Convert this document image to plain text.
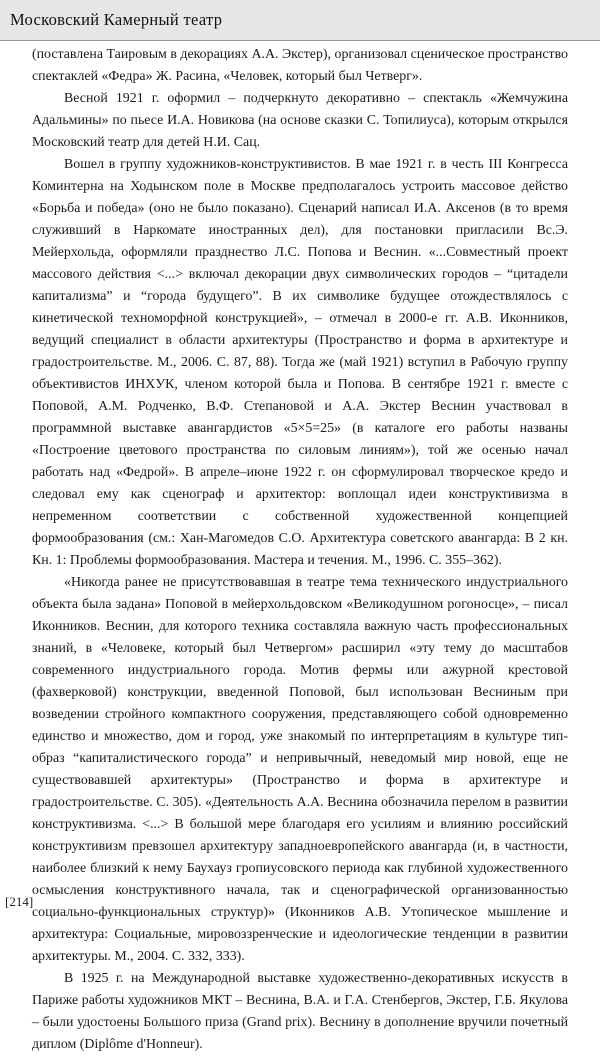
Московский Камерный театр

(поставлена Таировым в декорациях А.А. Экстер), организовал сценическое пространство спектаклей «Федра» Ж. Расина, «Человек, который был Четверг».

Весной 1921 г. оформил – подчеркнуто декоративно – спектакль «Жемчужина Адальмины» по пьесе И.А. Новикова (на основе сказки С. Топилиуса), которым открылся Московский театр для детей Н.И. Сац.

Вошел в группу художников-конструктивистов. В мае 1921 г. в честь III Конгресса Коминтерна на Ходынском поле в Москве предполагалось устроить массовое действо «Борьба и победа» (оно не было показано). Сценарий написал И.А. Аксенов (в то время служивший в Наркомате иностранных дел), для постановки пригласили Вс.Э. Мейерхольда, оформляли празднество Л.С. Попова и Веснин. «...Совместный проект массового действия <...> включал декорации двух символических городов – “цитадели капитализма” и “города будущего”. В их символике будущее отождествлялось с кинетической техноморфной конструкцией», – отмечал в 2000-е гг. А.В. Иконников, ведущий специалист в области архитектуры (Пространство и форма в архитектуре и градостроительстве. М., 2006. С. 87, 88). Тогда же (май 1921) вступил в Рабочую группу объективистов ИНХУК, членом которой была и Попова. В сентябре 1921 г. вместе с Поповой, А.М. Родченко, В.Ф. Степановой и А.А. Экстер Веснин участвовал в программной выставке авангардистов «5×5=25» (в каталоге его работы названы «Построение цветового пространства по силовым линиям»), той же осенью начал работать над «Федрой». В апреле–июне 1922 г. он сформулировал творческое кредо и следовал ему как сценограф и архитектор: воплощал идеи конструктивизма в непременном соответствии с собственной художественной концепцией формообразования (см.: Хан-Магомедов С.О. Архитектура советского авангарда: В 2 кн. Кн. 1: Проблемы формообразования. Мастера и течения. М., 1996. С. 355–362).

«Никогда ранее не присутствовавшая в театре тема технического индустриального объекта была задана» Поповой в мейерхольдовском «Великодушном рогоносце», – писал Иконников. Веснин, для которого техника составляла важную часть профессиональных знаний, в «Человеке, который был Четвергом» расширил «эту тему до масштабов современного индустриального города. Мотив фермы или ажурной крестовой (фахверковой) конструкции, введенной Поповой, был использован Весниным при возведении стройного компактного сооружения, представляющего собой одновременно единство и множество, дом и город, уже знакомый по интерпретациям в культуре тип-образ “капиталистического города” и непривычный, неведомый мир новой, еще не существовавшей архитектуры» (Пространство и форма в архитектуре и градостроительстве. С. 305). «Деятельность А.А. Веснина обозначила перелом в развитии конструктивизма. <...> В большой мере благодаря его усилиям и влиянию российский конструктивизм превзошел архитектуру западноевропейского авангарда (и, в частности, наиболее близкий к нему Баухауз гропиусовского периода как глубиной художественного осмысления конструктивного начала, так и сценографической организованностью социально-функциональных структур)» (Иконников А.В. Утопическое мышление и архитектура: Социальные, мировоззренческие и идеологические тенденции в развитии архитектуры. М., 2004. С. 332, 333).

В 1925 г. на Международной выставке художественно-декоративных искусств в Париже работы художников МКТ – Веснина, В.А. и Г.А. Стенбергов, Экстер, Г.Б. Якулова – были удостоены Большого приза (Grand prix). Веснину в дополнение вручили почетный диплом (Diplôme d'Honneur).

[214]
